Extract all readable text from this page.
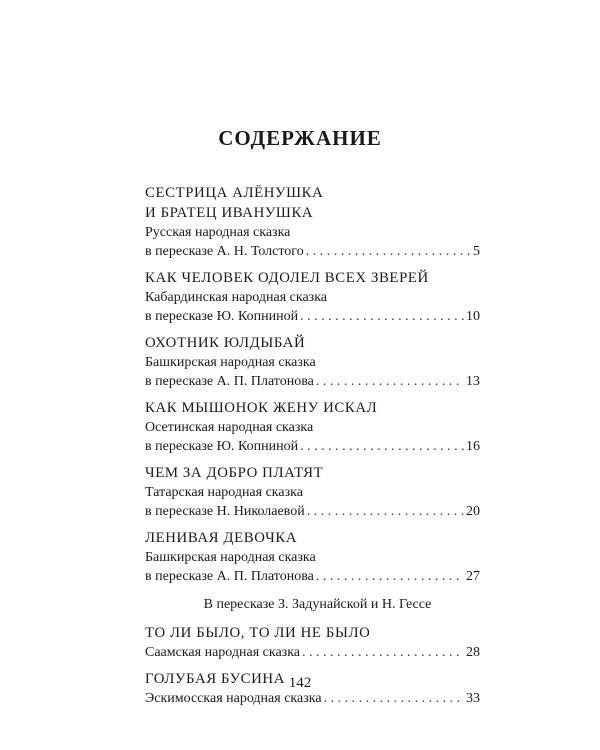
СОДЕРЖАНИЕ
СЕСТРИЦА АЛЁНУШКА
И БРАТЕЦ ИВАНУШКА
Русская народная сказка
в пересказе А. Н. Толстого . . .	5
КАК ЧЕЛОВЕК ОДОЛЕЛ ВСЕХ ЗВЕРЕЙ
Кабардинская народная сказка
в пересказе Ю. Копниной . . .	10
ОХОТНИК ЮЛДЫБАЙ
Башкирская народная сказка
в пересказе А. П. Платонова . . .	13
КАК МЫШОНОК ЖЕНУ ИСКАЛ
Осетинская народная сказка
в пересказе Ю. Копниной . . .	16
ЧЕМ ЗА ДОБРО ПЛАТЯТ
Татарская народная сказка
в пересказе Н. Николаевой . . .	20
ЛЕНИВАЯ ДЕВОЧКА
Башкирская народная сказка
в пересказе А. П. Платонова . . .	27
В пересказе З. Задунайской и Н. Гессе
ТО ЛИ БЫЛО, ТО ЛИ НЕ БЫЛО
Саамская народная сказка . . .	28
ГОЛУБАЯ БУСИНА
Эскимосская народная сказка . . .	33
142
